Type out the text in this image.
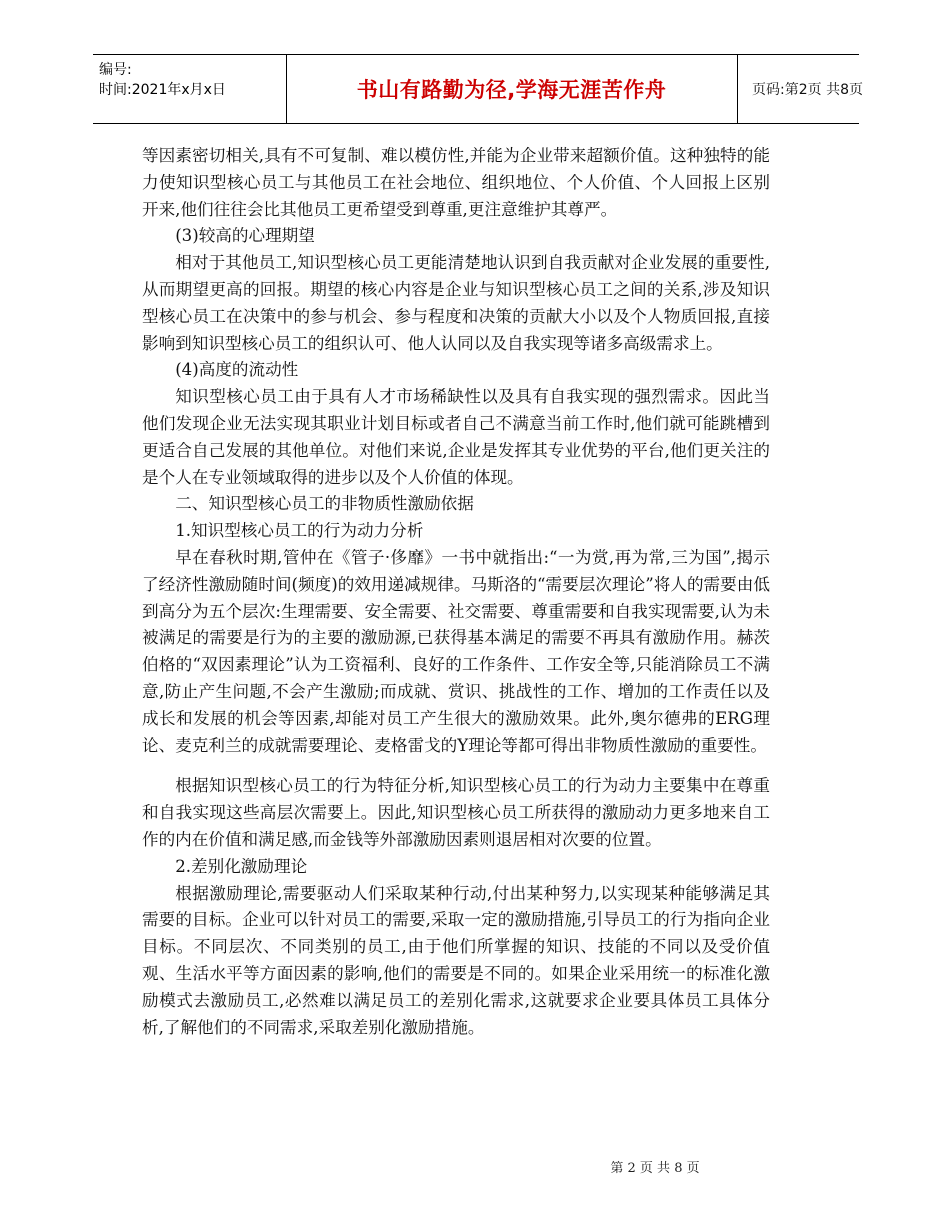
编号:
时间:2021年x月x日	书山有路勤为径,学海无涯苦作舟	页码:第2页 共8页

等因素密切相关,具有不可复制、难以模仿性,并能为企业带来超额价值。这种独特的能力使知识型核心员工与其他员工在社会地位、组织地位、个人价值、个人回报上区别开来,他们往往会比其他员工更希望受到尊重,更注意维护其尊严。

(3)较高的心理期望

相对于其他员工,知识型核心员工更能清楚地认识到自我贡献对企业发展的重要性,从而期望更高的回报。期望的核心内容是企业与知识型核心员工之间的关系,涉及知识型核心员工在决策中的参与机会、参与程度和决策的贡献大小以及个人物质回报,直接影响到知识型核心员工的组织认可、他人认同以及自我实现等诸多高级需求上。

(4)高度的流动性

知识型核心员工由于具有人才市场稀缺性以及具有自我实现的强烈需求。因此当他们发现企业无法实现其职业计划目标或者自己不满意当前工作时,他们就可能跳槽到更适合自己发展的其他单位。对他们来说,企业是发挥其专业优势的平台,他们更关注的是个人在专业领域取得的进步以及个人价值的体现。

二、知识型核心员工的非物质性激励依据

1.知识型核心员工的行为动力分析

早在春秋时期,管仲在《管子·侈靡》一书中就指出:“一为赏,再为常,三为国”,揭示了经济性激励随时间(频度)的效用递减规律。马斯洛的“需要层次理论”将人的需要由低到高分为五个层次:生理需要、安全需要、社交需要、尊重需要和自我实现需要,认为未被满足的需要是行为的主要的激励源,已获得基本满足的需要不再具有激励作用。赫茨伯格的“双因素理论”认为工资福利、良好的工作条件、工作安全等,只能消除员工不满意,防止产生问题,不会产生激励;而成就、赏识、挑战性的工作、增加的工作责任以及成长和发展的机会等因素,却能对员工产生很大的激励效果。此外,奥尔德弗的ERG理论、麦克利兰的成就需要理论、麦格雷戈的Y理论等都可得出非物质性激励的重要性。

根据知识型核心员工的行为特征分析,知识型核心员工的行为动力主要集中在尊重和自我实现这些高层次需要上。因此,知识型核心员工所获得的激励动力更多地来自工作的内在价值和满足感,而金钱等外部激励因素则退居相对次要的位置。

2.差别化激励理论

根据激励理论,需要驱动人们采取某种行动,付出某种努力,以实现某种能够满足其需要的目标。企业可以针对员工的需要,采取一定的激励措施,引导员工的行为指向企业目标。不同层次、不同类别的员工,由于他们所掌握的知识、技能的不同以及受价值观、生活水平等方面因素的影响,他们的需要是不同的。如果企业采用统一的标准化激励模式去激励员工,必然难以满足员工的差别化需求,这就要求企业要具体员工具体分析,了解他们的不同需求,采取差别化激励措施。

第 2 页 共 8 页
